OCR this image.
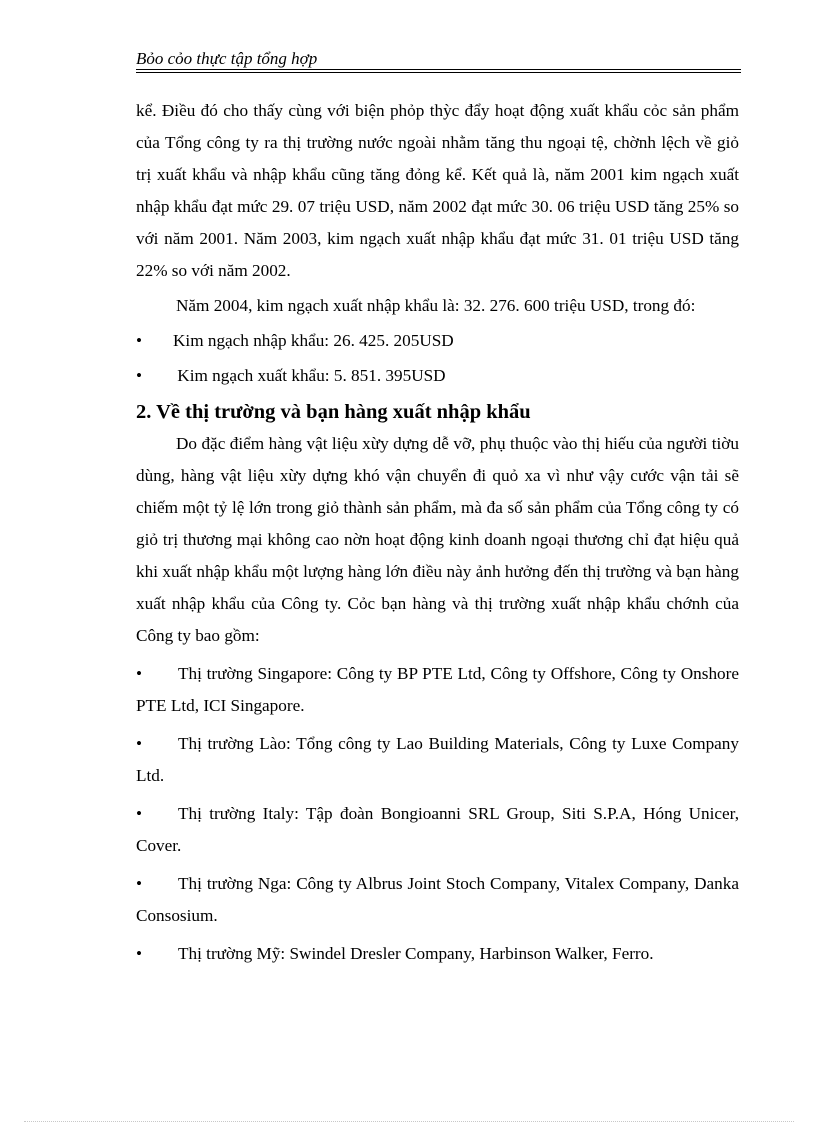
Bỏo cỏo thực tập tổng hợp

kể. Điều đó cho thấy cùng với biện phỏp thỳc đẩy hoạt động xuất khẩu cỏc sản phẩm của Tổng công ty ra thị trường nước ngoài nhằm tăng thu ngoại tệ, chờnh lệch về giỏ trị xuất khẩu và nhập khẩu cũng tăng đỏng kể. Kết quả là, năm 2001 kim ngạch xuất nhập khẩu đạt mức 29. 07 triệu USD, năm 2002 đạt mức 30. 06 triệu USD tăng 25% so với năm 2001. Năm 2003, kim ngạch xuất nhập khẩu đạt mức 31. 01 triệu USD tăng 22% so với năm 2002.

Năm 2004, kim ngạch xuất nhập khẩu là: 32. 276. 600 triệu USD, trong đó:

•	Kim ngạch nhập khẩu: 26. 425. 205USD
•	Kim ngạch xuất khẩu: 5. 851. 395USD
2. Về thị trường và bạn hàng xuất nhập khẩu

Do đặc điểm hàng vật liệu xừy dựng dễ vỡ, phụ thuộc vào thị hiếu của người tiờu dùng, hàng vật liệu xừy dựng khó vận chuyển đi quỏ xa vì như vậy cước vận tải sẽ chiếm một tỷ lệ lớn trong giỏ thành sản phẩm, mà đa số sản phẩm của Tổng công ty có giỏ trị thương mại không cao nờn hoạt động kinh doanh ngoại thương chỉ đạt hiệu quả khi xuất nhập khẩu một lượng hàng lớn điều này ảnh hưởng đến thị trường và bạn hàng xuất nhập khẩu của Công ty. Cỏc bạn hàng và thị trường xuất nhập khẩu chớnh của Công ty bao gồm:

• Thị trường Singapore: Công ty BP PTE Ltd, Công ty Offshore, Công ty Onshore PTE Ltd, ICI Singapore.
• Thị trường Lào: Tổng công ty Lao Building Materials, Công ty Luxe Company Ltd.
• Thị trường Italy: Tập đoàn Bongioanni SRL Group, Siti S.P.A, Hóng Unicer, Cover.
• Thị trường Nga: Công ty Albrus Joint Stoch Company, Vitalex Company, Danka Consosium.
• Thị trường Mỹ: Swindel Dresler Company, Harbinson Walker, Ferro.
